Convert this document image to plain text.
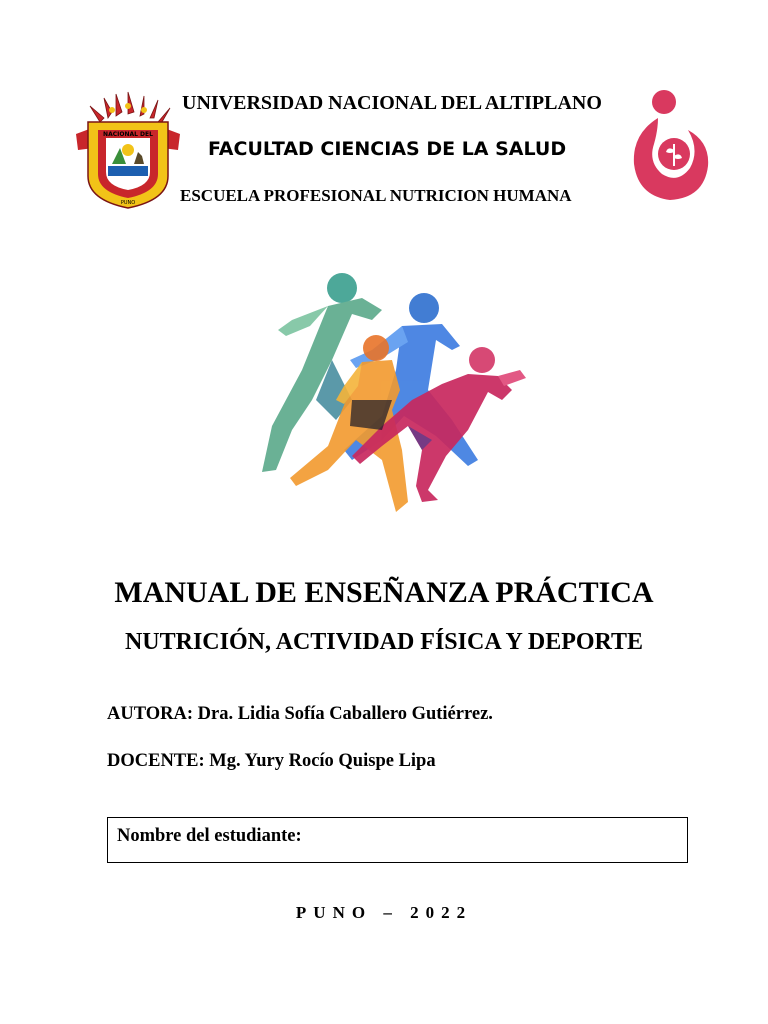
NACIONAL DEL
PUNO
UNIVERSIDAD NACIONAL DEL ALTIPLANO
FACULTAD CIENCIAS DE LA SALUD
ESCUELA PROFESIONAL NUTRICION HUMANA
MANUAL DE ENSEÑANZA PRÁCTICA
NUTRICIÓN, ACTIVIDAD FÍSICA Y DEPORTE
AUTORA: Dra. Lidia Sofía Caballero Gutiérrez.
DOCENTE: Mg. Yury Rocío Quispe Lipa
Nombre del estudiante:
PUNO – 2022
